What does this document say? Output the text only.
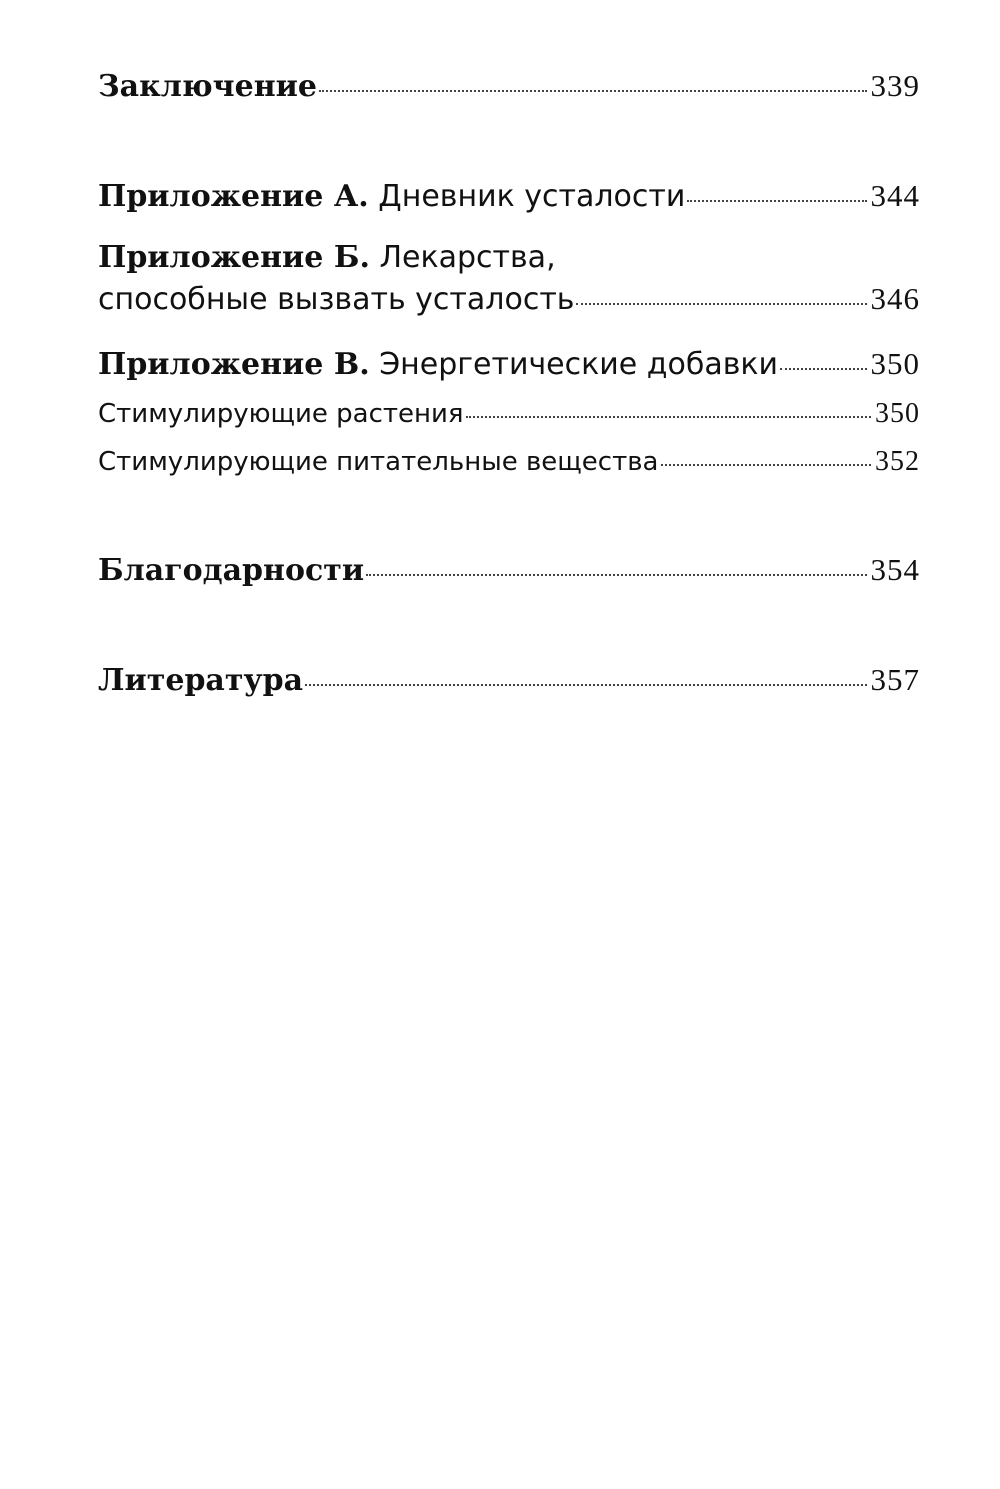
Заключение	339
Приложение А. Дневник усталости	344
Приложение Б. Лекарства,
способные вызвать усталость	346
Приложение В. Энергетические добавки	350
Стимулирующие растения	350
Стимулирующие питательные вещества	352
Благодарности	354
Литература	357
